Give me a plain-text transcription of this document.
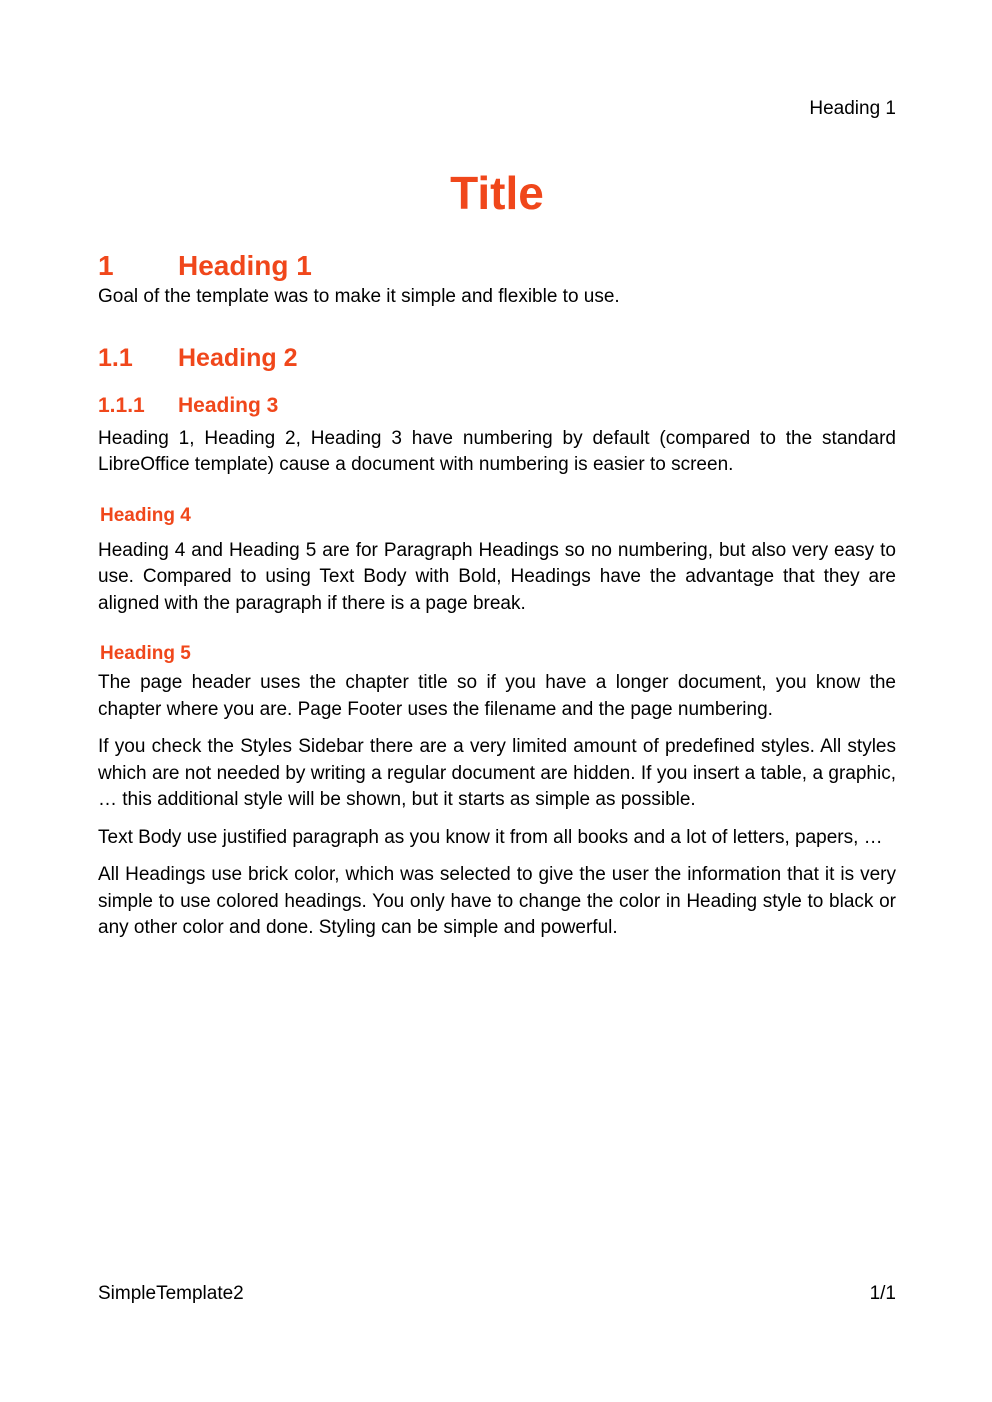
Heading 1
Title
1	Heading 1

Goal of the template was to make it simple and flexible to use.

1.1	Heading 2
1.1.1	Heading 3

Heading 1, Heading 2, Heading 3 have numbering by default (compared to the standard LibreOffice template) cause a document with numbering is easier to screen.

Heading 4

Heading 4 and Heading 5 are for Paragraph Headings so no numbering, but also very easy to use. Compared to using Text Body with Bold, Headings have the advantage that they are aligned with the paragraph if there is a page break.

Heading 5

The page header uses the chapter title so if you have a longer document, you know the chapter where you are. Page Footer uses the filename and the page numbering.

If you check the Styles Sidebar there are a very limited amount of predefined styles. All styles which are not needed by writing a regular document are hidden. If you insert a table, a graphic, … this additional style will be shown, but it starts as simple as possible.

Text Body use justified paragraph as you know it from all books and a lot of letters, papers, …

All Headings use brick color, which was selected to give the user the information that it is very simple to use colored headings. You only have to change the color in Heading style to black or any other color and done. Styling can be simple and powerful.

SimpleTemplate2	1/1
